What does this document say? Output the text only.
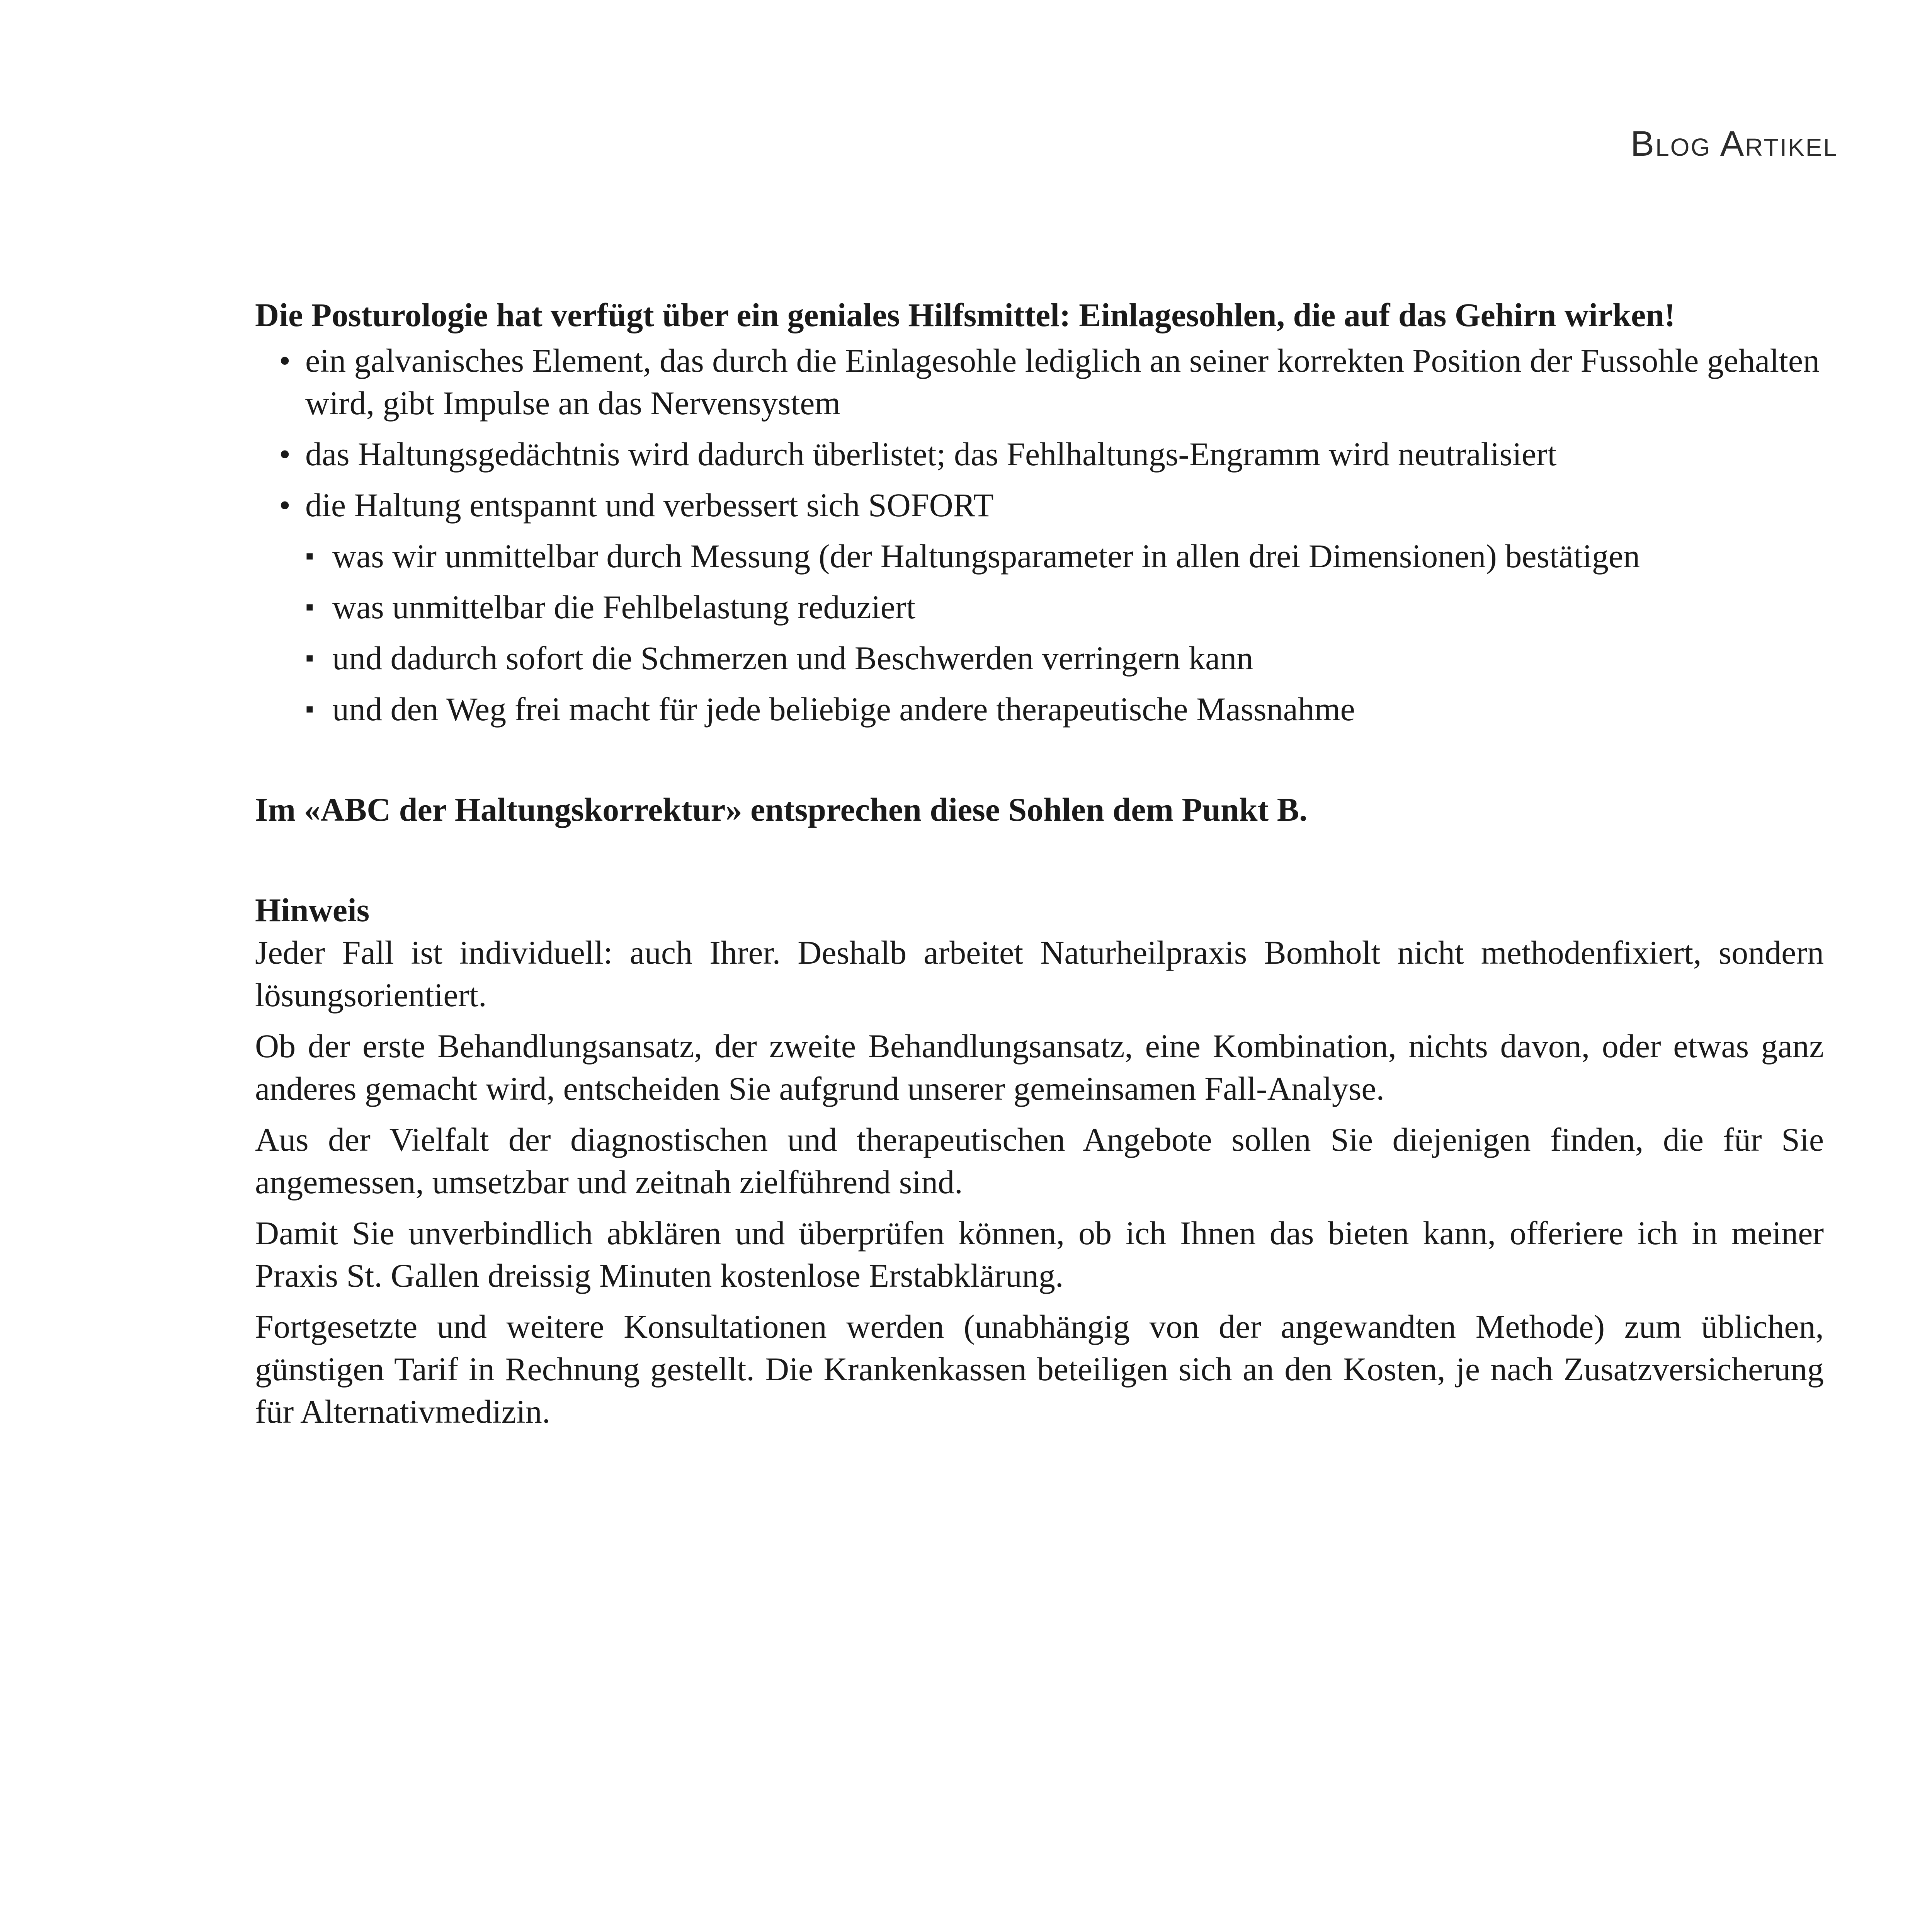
Blog Artikel

Die Posturologie hat verfügt über ein geniales Hilfsmittel: Einlagesohlen, die auf das Gehirn wirken!

• ein galvanisches Element, das durch die Einlagesohle lediglich an seiner korrekten Position der Fussohle gehalten wird, gibt Impulse an das Nervensystem
• das Haltungsgedächtnis wird dadurch überlistet; das Fehlhaltungs-Engramm wird neutralisiert
• die Haltung entspannt und verbessert sich SOFORT
▪ was wir unmittelbar durch Messung (der Haltungsparameter in allen drei Dimensionen) bestätigen
▪ was unmittelbar die Fehlbelastung reduziert
▪ und dadurch sofort die Schmerzen und Beschwerden verringern kann
▪ und den Weg frei macht für jede beliebige andere therapeutische Massnahme

Im «ABC der Haltungskorrektur» entsprechen diese Sohlen dem Punkt B.

Hinweis

Jeder Fall ist individuell: auch Ihrer. Deshalb arbeitet Naturheilpraxis Bomholt nicht methodenfixiert, sondern lösungsorientiert.

Ob der erste Behandlungsansatz, der zweite Behandlungsansatz, eine Kombination, nichts davon, oder etwas ganz anderes gemacht wird, entscheiden Sie aufgrund unserer gemeinsamen Fall-Analyse.

Aus der Vielfalt der diagnostischen und therapeutischen Angebote sollen Sie diejenigen finden, die für Sie angemessen, umsetzbar und zeitnah zielführend sind.

Damit Sie unverbindlich abklären und überprüfen können, ob ich Ihnen das bieten kann, offeriere ich in meiner Praxis St. Gallen dreissig Minuten kostenlose Erstabklärung.

Fortgesetzte und weitere Konsultationen werden (unabhängig von der angewandten Methode) zum üblichen, günstigen Tarif in Rechnung gestellt. Die Krankenkassen beteiligen sich an den Kosten, je nach Zusatzversicherung für Alternativmedizin.
